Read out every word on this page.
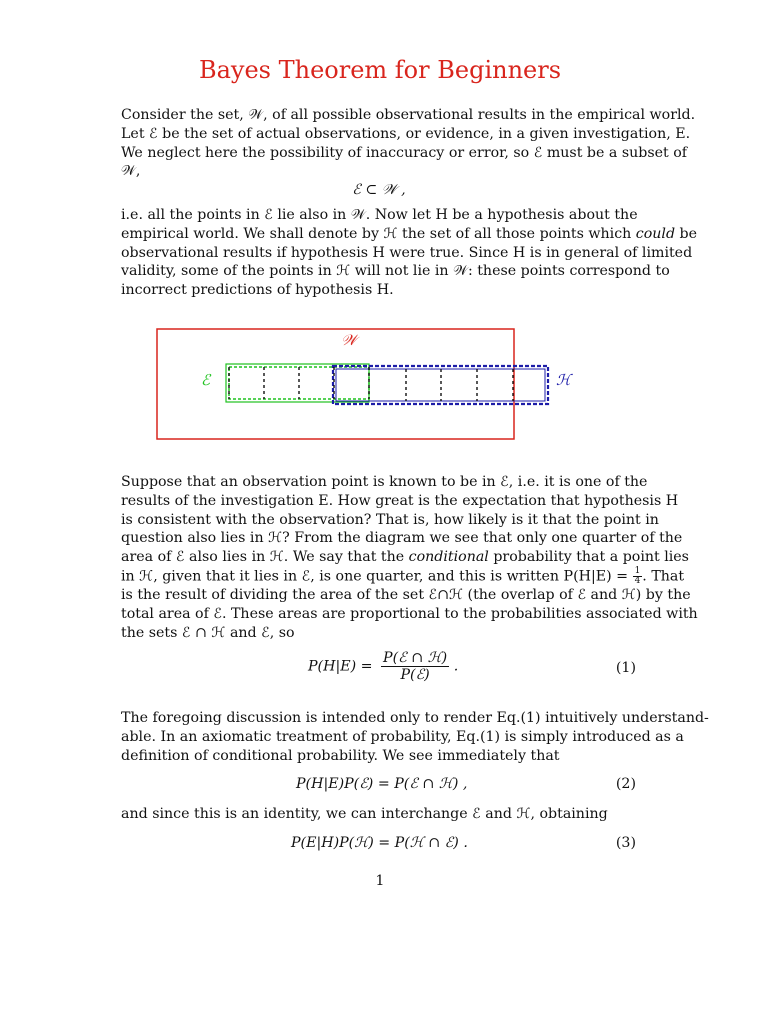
Bayes Theorem for Beginners
Consider the set, 𝒲, of all possible observational results in the empirical world.
Let ℰ be the set of actual observations, or evidence, in a given investigation, E.
We neglect here the possibility of inaccuracy or error, so ℰ must be a subset of
𝒲,
ℰ ⊂ 𝒲 ,
i.e. all the points in ℰ lie also in 𝒲. Now let H be a hypothesis about the
empirical world. We shall denote by ℋ the set of all those points which could be
observational results if hypothesis H were true. Since H is in general of limited
validity, some of the points in ℋ will not lie in 𝒲: these points correspond to
incorrect predictions of hypothesis H.
𝒲
ℰ	ℋ
Suppose that an observation point is known to be in ℰ, i.e. it is one of the
results of the investigation E. How great is the expectation that hypothesis H
is consistent with the observation? That is, how likely is it that the point in
question also lies in ℋ? From the diagram we see that only one quarter of the
area of ℰ also lies in ℋ. We say that the conditional probability that a point lies
in ℋ, given that it lies in ℰ, is one quarter, and this is written $P(H|E) = \frac{1}{4}$ . That
is the result of dividing the area of the set ℰ∩ℋ (the overlap of ℰ and ℋ) by the
total area of ℰ. These areas are proportional to the probabilities associated with
the sets ℰ ∩ ℋ and ℰ, so
$P(H|E) = \frac{\text{P(ℰ ∩ ℋ)}}{\text{P(ℰ)}}$ .	(1)
The foregoing discussion is intended only to render Eq.(1) intuitively understand-
able. In an axiomatic treatment of probability, Eq.(1) is simply introduced as a
definition of conditional probability. We see immediately that
P(H|E)P(ℰ) = P(ℰ ∩ ℋ) ,	(2)
and since this is an identity, we can interchange ℰ and ℋ, obtaining
P(E|H)P(ℋ) = P(ℋ ∩ ℰ) .	(3)
1
